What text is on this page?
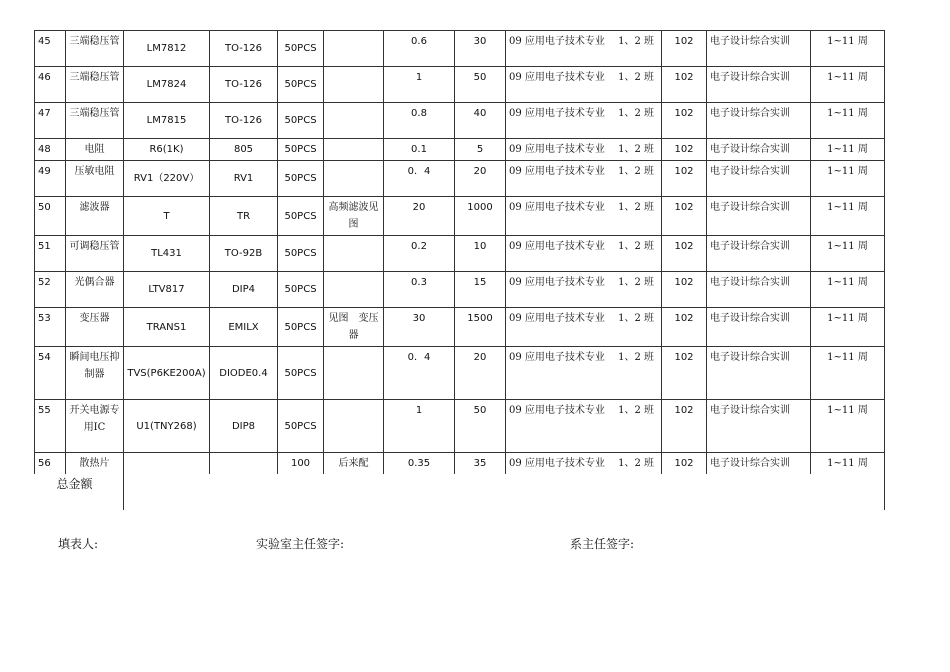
45	三端稳压管	LM7812	TO-126	50PCS		0.6	30	09 应用电子技术专业　 1、2 班	102	电子设计综合实训	1~11 周
46	三端稳压管	LM7824	TO-126	50PCS		1	50	09 应用电子技术专业　 1、2 班	102	电子设计综合实训	1~11 周
47	三端稳压管	LM7815	TO-126	50PCS		0.8	40	09 应用电子技术专业　 1、2 班	102	电子设计综合实训	1~11 周
48	电阻	R6(1K)	805	50PCS		0.1	5	09 应用电子技术专业　 1、2 班	102	电子设计综合实训	1~11 周
49	压敏电阻	RV1（220V）	RV1	50PCS		0．4	20	09 应用电子技术专业　 1、2 班	102	电子设计综合实训	1~11 周
50	滤波器	T	TR	50PCS	高频滤波见图	20	1000	09 应用电子技术专业　 1、2 班	102	电子设计综合实训	1~11 周
51	可调稳压管	TL431	TO-92B	50PCS		0.2	10	09 应用电子技术专业　 1、2 班	102	电子设计综合实训	1~11 周
52	光偶合器	LTV817	DIP4	50PCS		0.3	15	09 应用电子技术专业　 1、2 班	102	电子设计综合实训	1~11 周
53	变压器	TRANS1	EMILX	50PCS	见图　变压器	30	1500	09 应用电子技术专业　 1、2 班	102	电子设计综合实训	1~11 周
54	瞬间电压抑制器	TVS(P6KE200A)	DIODE0.4	50PCS		0．4	20	09 应用电子技术专业　 1、2 班	102	电子设计综合实训	1~11 周
55	开关电源专用IC	U1(TNY268)	DIP8	50PCS		1	50	09 应用电子技术专业　 1、2 班	102	电子设计综合实训	1~11 周
56	散热片			100	后来配	0.35	35	09 应用电子技术专业　 1、2 班	102	电子设计综合实训	1~11 周
总金额											
填表人:	实验室主任签字:	系主任签字:
